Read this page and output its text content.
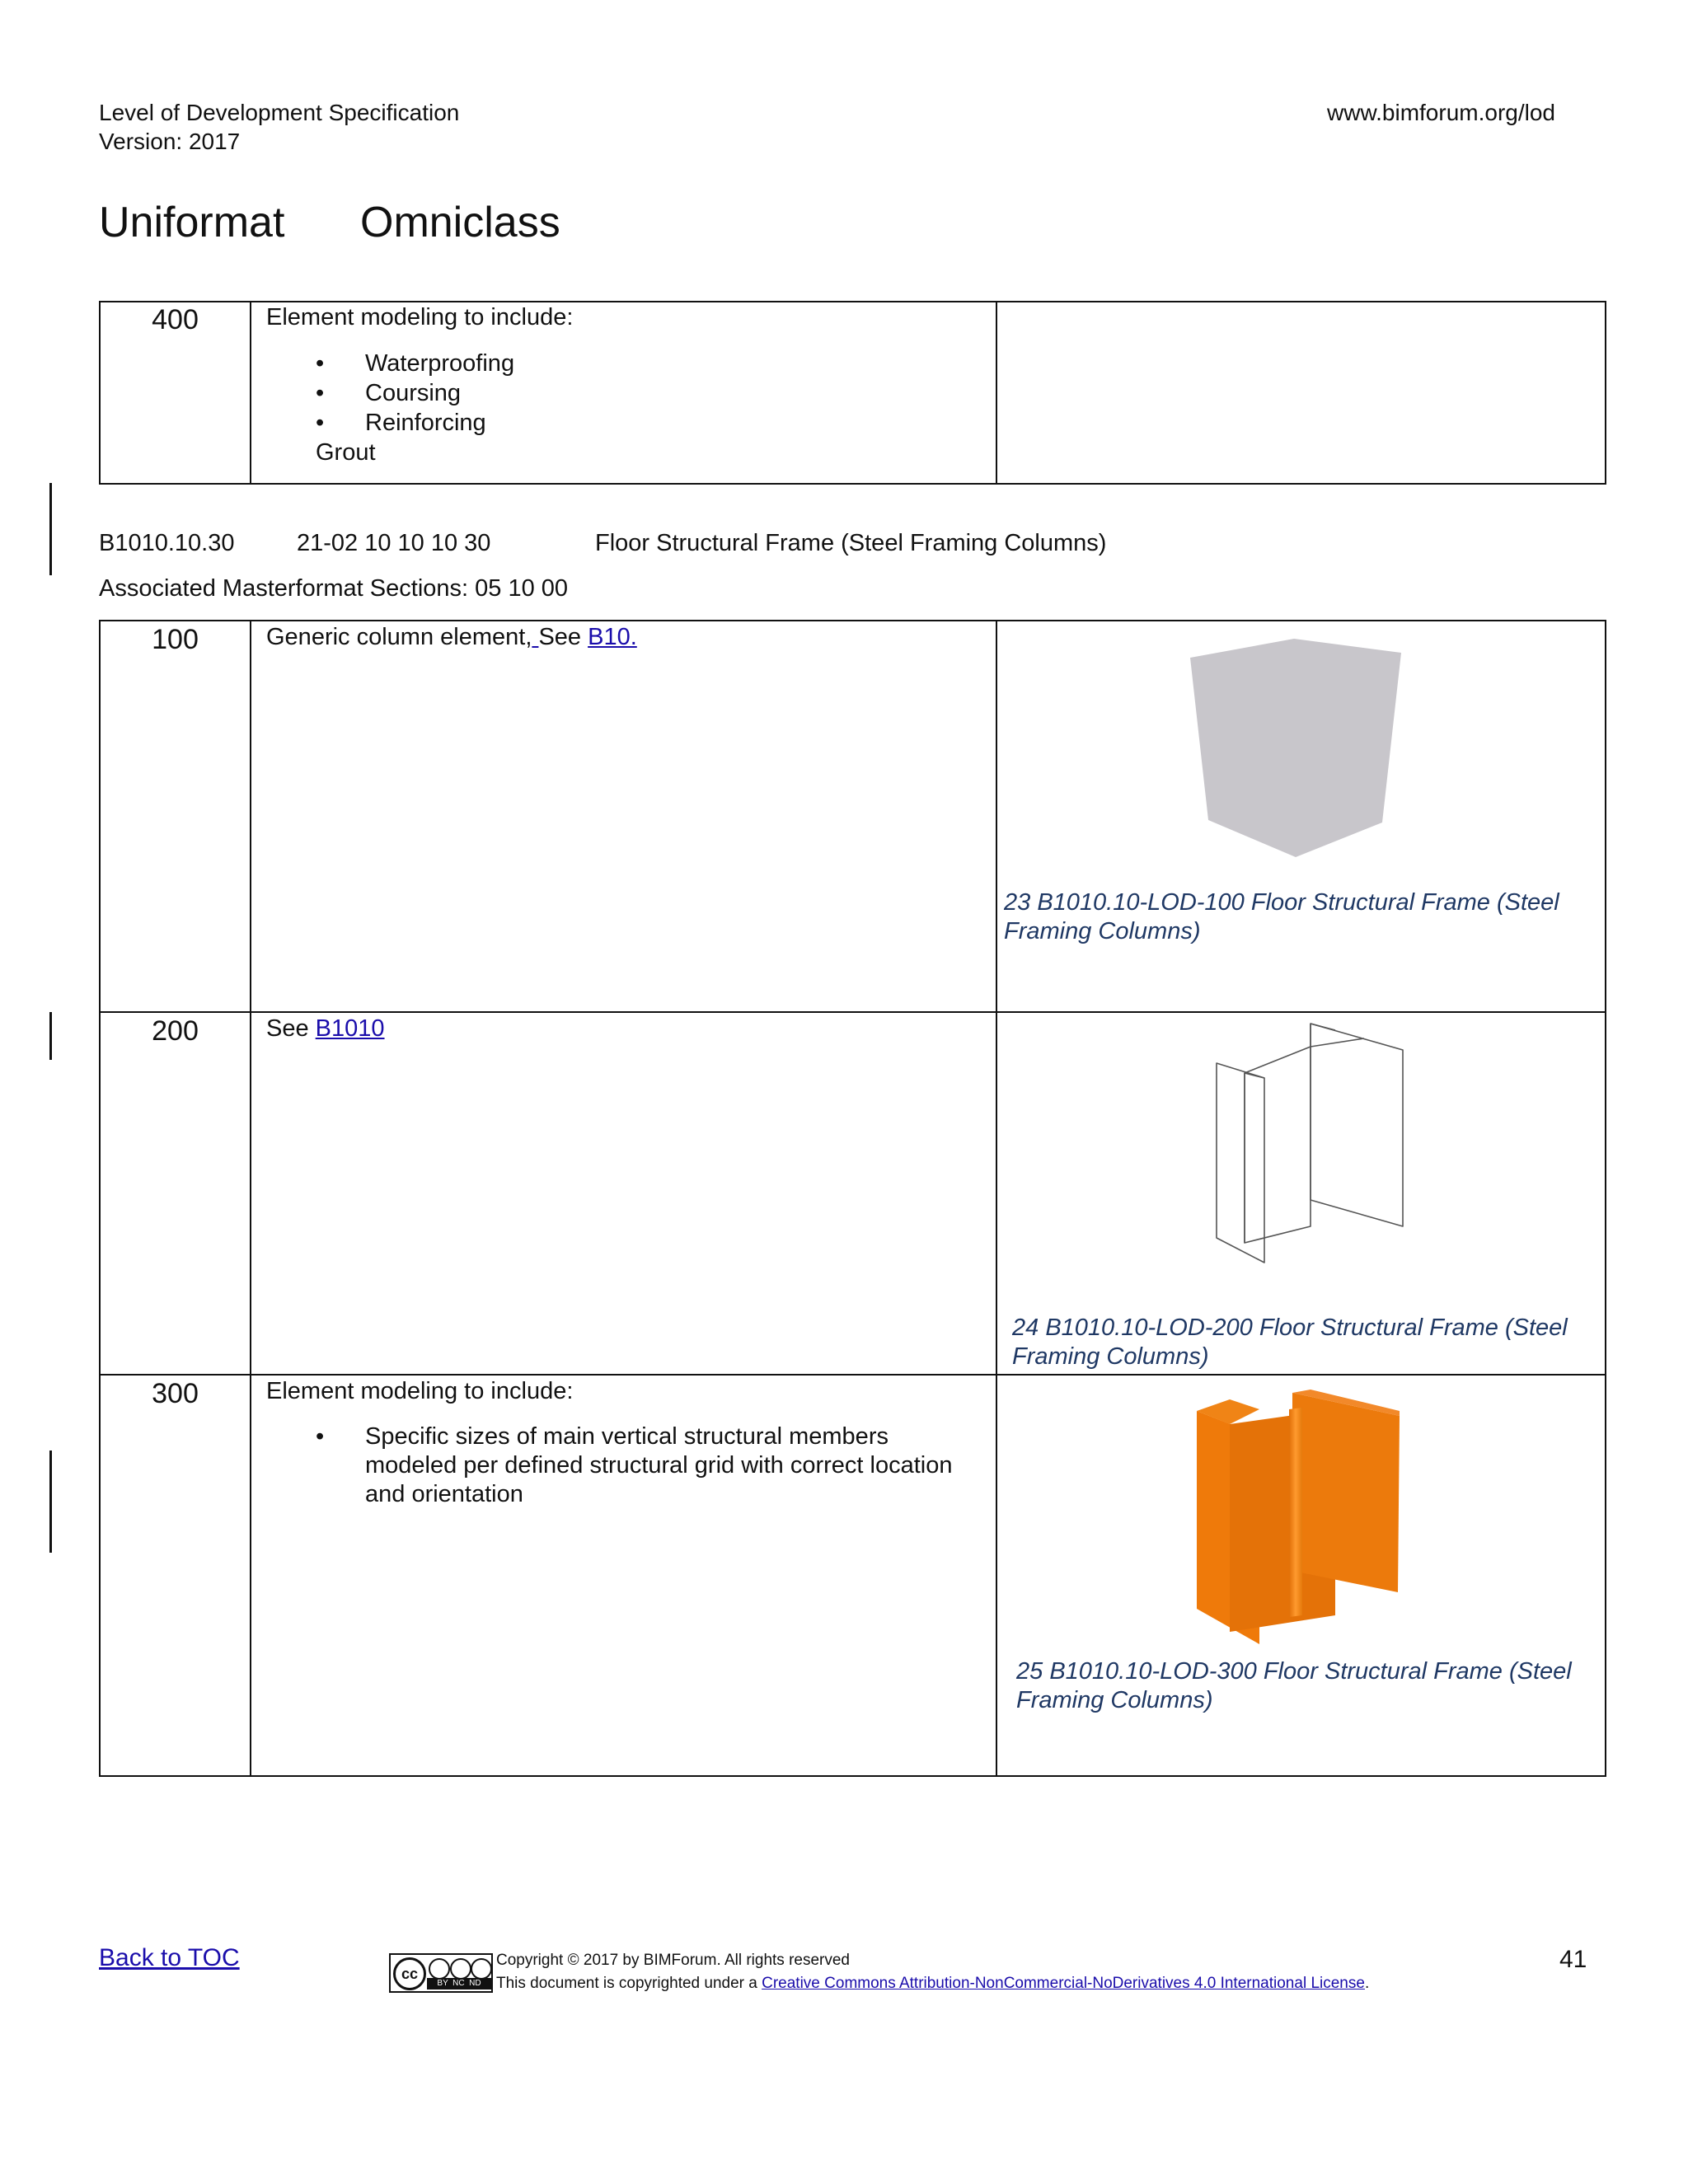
Level of Development Specification
Version: 2017
www.bimforum.org/lod
Uniformat Omniclass
400	Element modeling to include:
• Waterproofing
• Coursing
• Reinforcing
Grout
B1010.10.30	21-02 10 10 10 30	Floor Structural Frame (Steel Framing Columns)
Associated Masterformat Sections: 05 10 00
100	Generic column element, See B10.
23 B1010.10-LOD-100 Floor Structural Frame (Steel
Framing Columns)
200	See B1010
24 B1010.10-LOD-200 Floor Structural Frame (Steel
Framing Columns)
300	Element modeling to include:
• Specific sizes of main vertical structural members
modeled per defined structural grid with correct location
and orientation
25 B1010.10-LOD-300 Floor Structural Frame (Steel
Framing Columns)
Back to TOC
cc
BY  NC  ND
Copyright © 2017 by BIMForum. All rights reserved
This document is copyrighted under a Creative Commons Attribution-NonCommercial-NoDerivatives 4.0 International License.
41
